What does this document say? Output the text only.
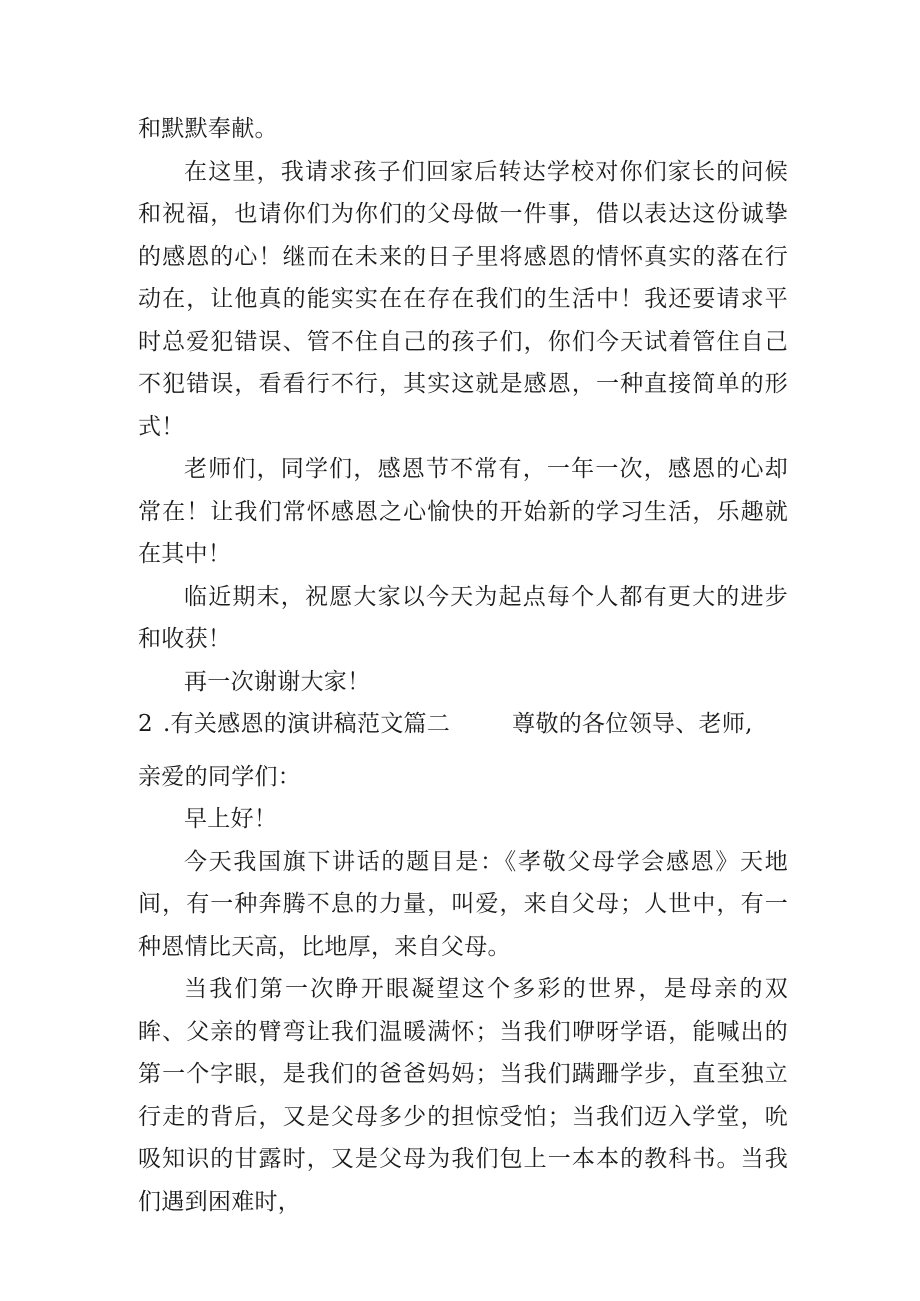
和默默奉献。

在这里，我请求孩子们回家后转达学校对你们家长的问候和祝福，也请你们为你们的父母做一件事，借以表达这份诚挚的感恩的心！继而在未来的日子里将感恩的情怀真实的落在行动在，让他真的能实实在在存在我们的生活中！我还要请求平时总爱犯错误、管不住自己的孩子们，你们今天试着管住自己不犯错误，看看行不行，其实这就是感恩，一种直接简单的形式！

老师们，同学们，感恩节不常有，一年一次，感恩的心却常在！让我们常怀感恩之心愉快的开始新的学习生活，乐趣就在其中！

临近期末，祝愿大家以今天为起点每个人都有更大的进步和收获！

再一次谢谢大家！

2 .有关感恩的演讲稿范文篇二	尊敬的各位领导、老师,

亲爱的同学们：

早上好！

今天我国旗下讲话的题目是：《孝敬父母学会感恩》天地间，有一种奔腾不息的力量，叫爱，来自父母；人世中，有一种恩情比天高，比地厚，来自父母。

当我们第一次睁开眼凝望这个多彩的世界，是母亲的双眸、父亲的臂弯让我们温暖满怀；当我们咿呀学语，能喊出的第一个字眼，是我们的爸爸妈妈；当我们蹒跚学步，直至独立行走的背后，又是父母多少的担惊受怕；当我们迈入学堂，吮吸知识的甘露时，又是父母为我们包上一本本的教科书。当我们遇到困难时，
